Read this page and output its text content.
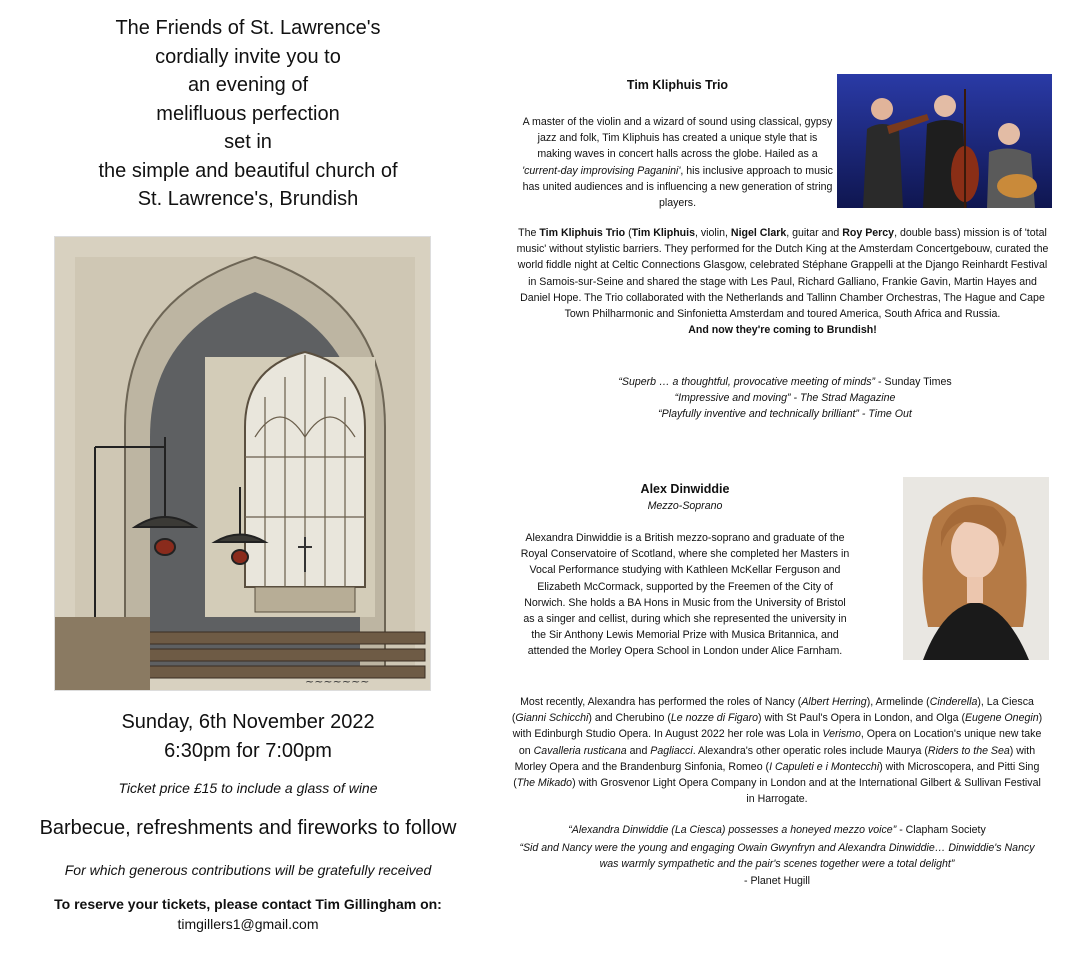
The Friends of St. Lawrence's
cordially invite you to
an evening of
melifluous perfection
set in
the simple and beautiful church of
St. Lawrence's, Brundish
~~~~~~~
Sunday, 6th November 2022
6:30pm for 7:00pm
Ticket price £15 to include a glass of wine
Barbecue, refreshments and fireworks to follow
For which generous contributions will be gratefully received
To reserve your tickets, please contact Tim Gillingham on:
timgillers1@gmail.com
Tim Kliphuis Trio
A master of the violin and a wizard of sound using classical, gypsy jazz and folk, Tim Kliphuis has created a unique style that is making waves in concert halls across the globe. Hailed as a 'current-day improvising Paganini', his inclusive approach to music has united audiences and is influencing a new generation of string players.
The Tim Kliphuis Trio (Tim Kliphuis, violin, Nigel Clark, guitar and Roy Percy, double bass) mission is of 'total music' without stylistic barriers. They performed for the Dutch King at the Amsterdam Concertgebouw, curated the world fiddle night at Celtic Connections Glasgow, celebrated Stéphane Grappelli at the Django Reinhardt Festival in Samois-sur-Seine and shared the stage with Les Paul, Richard Galliano, Frankie Gavin, Martin Hayes and Daniel Hope. The Trio collaborated with the Netherlands and Tallinn Chamber Orchestras, The Hague and Cape Town Philharmonic and Sinfonietta Amsterdam and toured America, South Africa and Russia.
And now they're coming to Brundish!
“Superb … a thoughtful, provocative meeting of minds” - Sunday Times
“Impressive and moving” - The Strad Magazine
“Playfully inventive and technically brilliant” - Time Out
Alex Dinwiddie
Mezzo-Soprano
Alexandra Dinwiddie is a British mezzo-soprano and graduate of the Royal Conservatoire of Scotland, where she completed her Masters in Vocal Performance studying with Kathleen McKellar Ferguson and Elizabeth McCormack, supported by the Freemen of the City of Norwich. She holds a BA Hons in Music from the University of Bristol as a singer and cellist, during which she represented the university in the Sir Anthony Lewis Memorial Prize with Musica Britannica, and attended the Morley Opera School in London under Alice Farnham.
Most recently, Alexandra has performed the roles of Nancy (Albert Herring), Armelinde (Cinderella), La Ciesca (Gianni Schicchi) and Cherubino (Le nozze di Figaro) with St Paul's Opera in London, and Olga (Eugene Onegin) with Edinburgh Studio Opera. In August 2022 her role was Lola in Verismo, Opera on Location's unique new take on Cavalleria rusticana and Pagliacci. Alexandra's other operatic roles include Maurya (Riders to the Sea) with Morley Opera and the Brandenburg Sinfonia, Romeo (I Capuleti e i Montecchi) with Microscopera, and Pitti Sing (The Mikado) with Grosvenor Light Opera Company in London and at the International Gilbert & Sullivan Festival in Harrogate.
“Alexandra Dinwiddie (La Ciesca) possesses a honeyed mezzo voice” - Clapham Society
“Sid and Nancy were the young and engaging Owain Gwynfryn and Alexandra Dinwiddie… Dinwiddie's Nancy was warmly sympathetic and the pair's scenes together were a total delight”
- Planet Hugill
